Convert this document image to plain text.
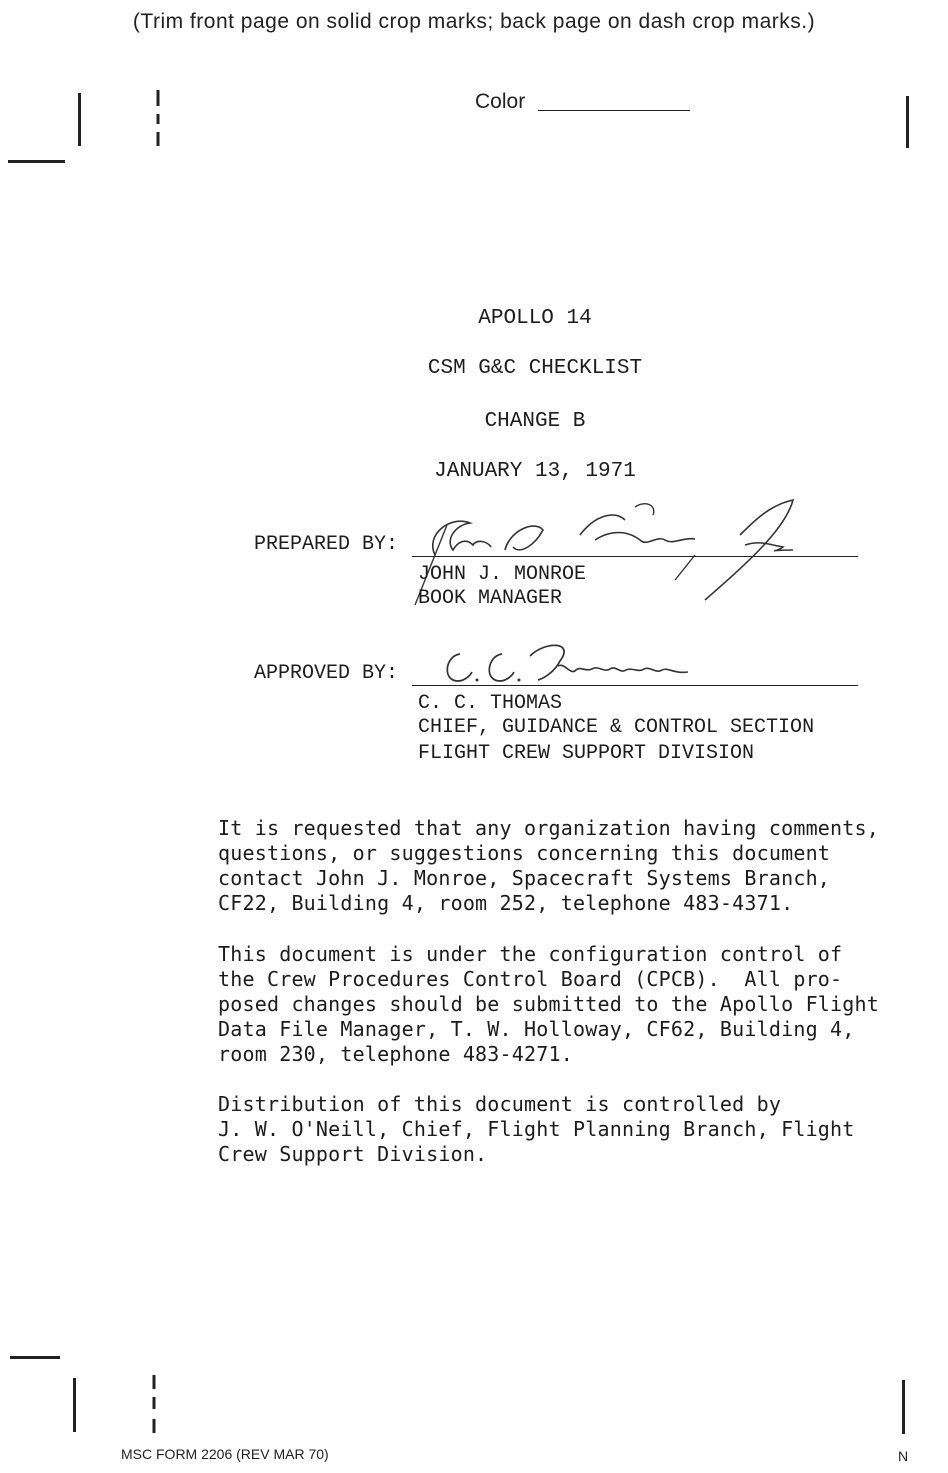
(Trim front page on solid crop marks; back page on dash crop marks.)
Color
APOLLO 14
CSM G&C CHECKLIST
CHANGE B
JANUARY 13, 1971
PREPARED BY:
JOHN J. MONROE
BOOK MANAGER
APPROVED BY:
C. C. THOMAS
CHIEF, GUIDANCE & CONTROL SECTION
FLIGHT CREW SUPPORT DIVISION
It is requested that any organization having comments,
questions, or suggestions concerning this document
contact John J. Monroe, Spacecraft Systems Branch,
CF22, Building 4, room 252, telephone 483-4371.
This document is under the configuration control of
the Crew Procedures Control Board (CPCB).  All pro-
posed changes should be submitted to the Apollo Flight
Data File Manager, T. W. Holloway, CF62, Building 4,
room 230, telephone 483-4271.
Distribution of this document is controlled by
J. W. O'Neill, Chief, Flight Planning Branch, Flight
Crew Support Division.
MSC FORM 2206 (REV MAR 70)	N
